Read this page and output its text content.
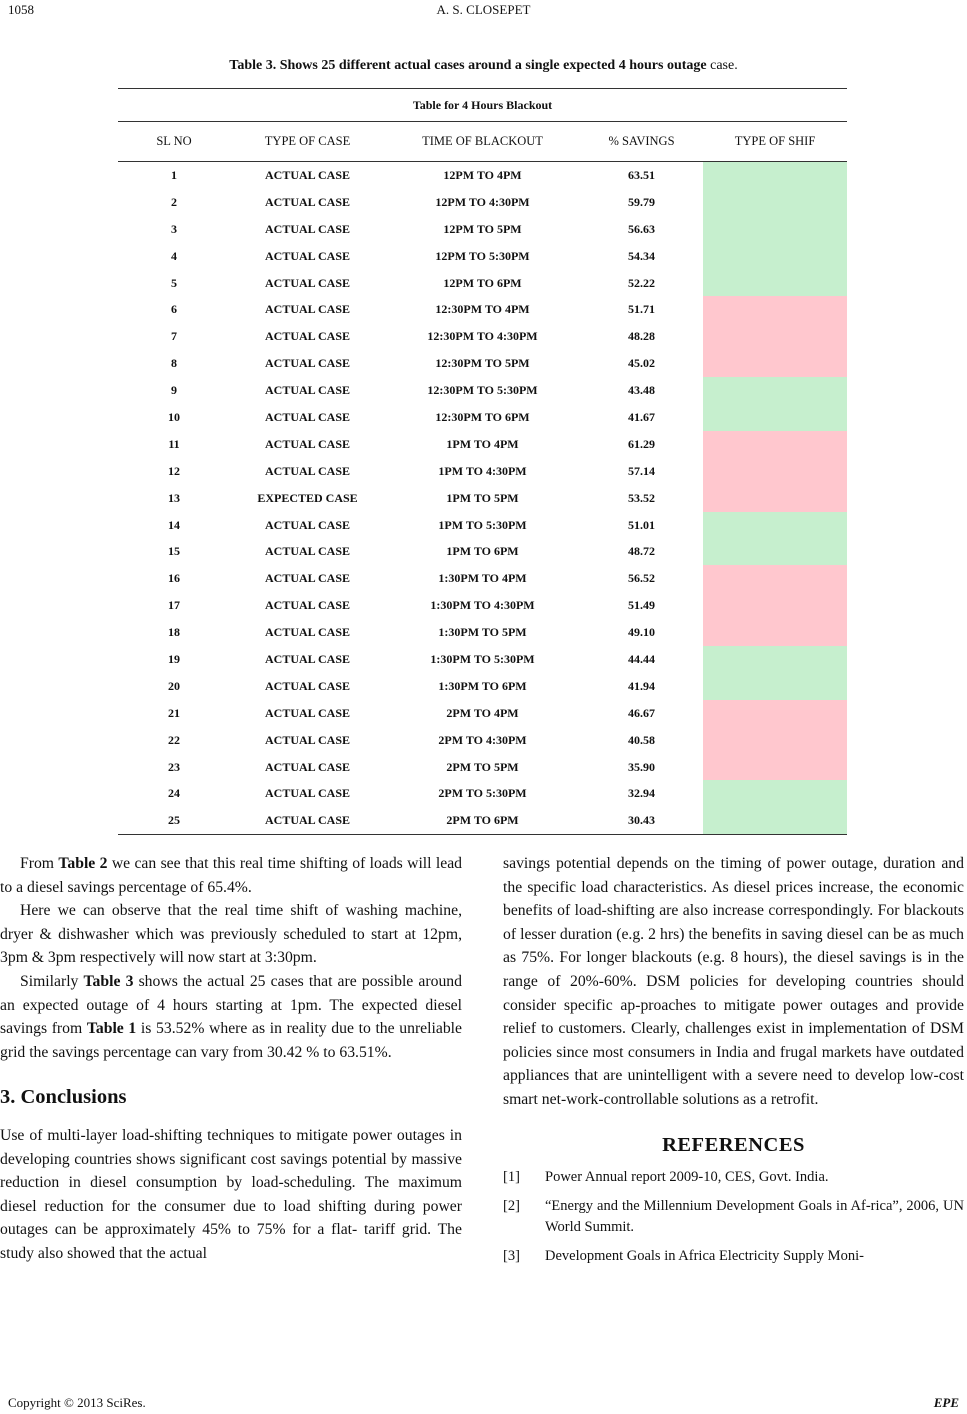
1058	A. S. CLOSEPET
Table 3. Shows 25 different actual cases around a single expected 4 hours outage case.
Table for 4 Hours Blackout				
SL NO	TYPE OF CASE	TIME OF BLACKOUT	% SAVINGS	TYPE OF SHIF
1	ACTUAL CASE	12PM TO 4PM	63.51	
2	ACTUAL CASE	12PM TO 4:30PM	59.79	
3	ACTUAL CASE	12PM TO 5PM	56.63	
4	ACTUAL CASE	12PM TO 5:30PM	54.34	
5	ACTUAL CASE	12PM TO 6PM	52.22	
6	ACTUAL CASE	12:30PM TO 4PM	51.71	
7	ACTUAL CASE	12:30PM TO 4:30PM	48.28	
8	ACTUAL CASE	12:30PM TO 5PM	45.02	
9	ACTUAL CASE	12:30PM TO 5:30PM	43.48	
10	ACTUAL CASE	12:30PM TO 6PM	41.67	
11	ACTUAL CASE	1PM TO 4PM	61.29	
12	ACTUAL CASE	1PM TO 4:30PM	57.14	
13	EXPECTED CASE	1PM TO 5PM	53.52	
14	ACTUAL CASE	1PM TO 5:30PM	51.01	
15	ACTUAL CASE	1PM TO 6PM	48.72	
16	ACTUAL CASE	1:30PM TO 4PM	56.52	
17	ACTUAL CASE	1:30PM TO 4:30PM	51.49	
18	ACTUAL CASE	1:30PM TO 5PM	49.10	
19	ACTUAL CASE	1:30PM TO 5:30PM	44.44	
20	ACTUAL CASE	1:30PM TO 6PM	41.94	
21	ACTUAL CASE	2PM TO 4PM	46.67	
22	ACTUAL CASE	2PM TO 4:30PM	40.58	
23	ACTUAL CASE	2PM TO 5PM	35.90	
24	ACTUAL CASE	2PM TO 5:30PM	32.94	
25	ACTUAL CASE	2PM TO 6PM	30.43	

From Table 2 we can see that this real time shifting of loads will lead to a diesel savings percentage of 65.4%.

Here we can observe that the real time shift of washing machine, dryer & dishwasher which was previously scheduled to start at 12pm, 3pm & 3pm respectively will now start at 3:30pm.

Similarly Table 3 shows the actual 25 cases that are possible around an expected outage of 4 hours starting at 1pm. The expected diesel savings from Table 1 is 53.52% where as in reality due to the unreliable grid the savings percentage can vary from 30.42 % to 63.51%.

3. Conclusions

Use of multi-layer load-shifting techniques to mitigate power outages in developing countries shows significant cost savings potential by massive reduction in diesel consumption by load-scheduling. The maximum diesel reduction for the consumer due to load shifting during power outages can be approximately 45% to 75% for a flat- tariff grid. The study also showed that the actual

savings potential depends on the timing of power outage, duration and the specific load characteristics. As diesel prices increase, the economic benefits of load-shifting are also increase correspondingly. For blackouts of lesser duration (e.g. 2 hrs) the benefits in saving diesel can be as much as 75%. For longer blackouts (e.g. 8 hours), the diesel savings is in the range of 20%-60%. DSM policies for developing countries should consider specific ap-proaches to mitigate power outages and provide relief to customers. Clearly, challenges exist in implementation of DSM policies since most consumers in India and frugal markets have outdated appliances that are unintelligent with a severe need to develop low-cost smart net-work-controllable solutions as a retrofit.

REFERENCES
[1]	Power Annual report 2009-10, CES, Govt. India.
[2]	“Energy and the Millennium Development Goals in Af-rica”, 2006, UN World Summit.
[3]	Development Goals in Africa Electricity Supply Moni-
Copyright © 2013 SciRes.	EPE
